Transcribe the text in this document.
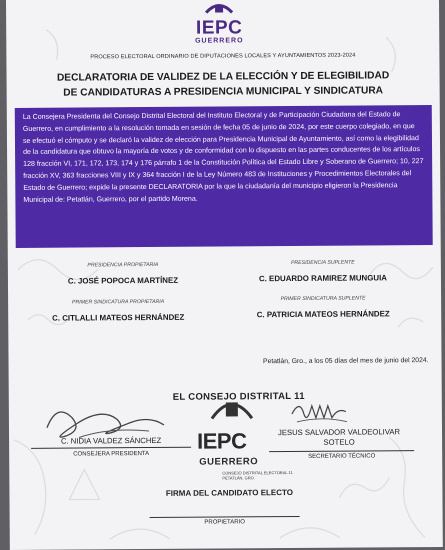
IEPC
GUERRERO
PROCESO ELECTORAL ORDINARIO DE DIPUTACIONES LOCALES Y AYUNTAMIENTOS 2023-2024
DECLARATORIA DE VALIDEZ DE LA ELECCIÓN Y DE ELEGIBILIDAD
DE CANDIDATURAS A PRESIDENCIA MUNICIPAL Y SINDICATURA
La Consejera Presidenta del Consejo Distrital Electoral del Instituto Electoral y de Participación Ciudadana del Estado de Guerrero, en cumplimiento a la resolución tomada en sesión de fecha 05 de junio de 2024, por este cuerpo colegiado, en que se efectuó el cómputo y se declaró la validez de elección para Presidencia Municipal de Ayuntamiento, así como la elegibilidad de la candidatura que obtuvo la mayoría de votos y de conformidad con lo dispuesto en las partes conducentes de los artículos 128 fracción VI, 171, 172, 173, 174 y 176 párrafo 1 de la Constitución Política del Estado Libre y Soberano de Guerrero; 10, 227 fracción XV, 363 fracciones VIII y IX y 364 fracción I de la Ley Número 483 de Instituciones y Procedimientos Electorales del Estado de Guerrero; expide la presente DECLARATORIA por la que la ciudadanía del municipio eligieron la Presidencia Municipal de: Petatlán, Guerrero, por el partido Morena.
PRESIDENCIA PROPIETARIA
C. JOSÉ POPOCA MARTÍNEZ
PRESIDENCIA SUPLENTE
C. EDUARDO RAMIREZ MUNGUIA
PRIMER SINDICATURA PROPIETARIA
C. CITLALLI MATEOS HERNÁNDEZ
PRIMER SINDICATURA SUPLENTE
C. PATRICIA MATEOS HERNÁNDEZ
Petatlán, Gro., a los 05 días del mes de junio del 2024.
EL CONSEJO DISTRITAL 11
C. NIDIA VALDEZ SÁNCHEZ
CONSEJERA PRESIDENTA
JESUS SALVADOR VALDEOLIVAR
SOTELO
SECRETARIO TÉCNICO
IEPC
GUERRERO
CONSEJO DISTRITAL ELECTORAL 11
PETATLÁN, GRO.
FIRMA DEL CANDIDATO ELECTO
PROPIETARIO
